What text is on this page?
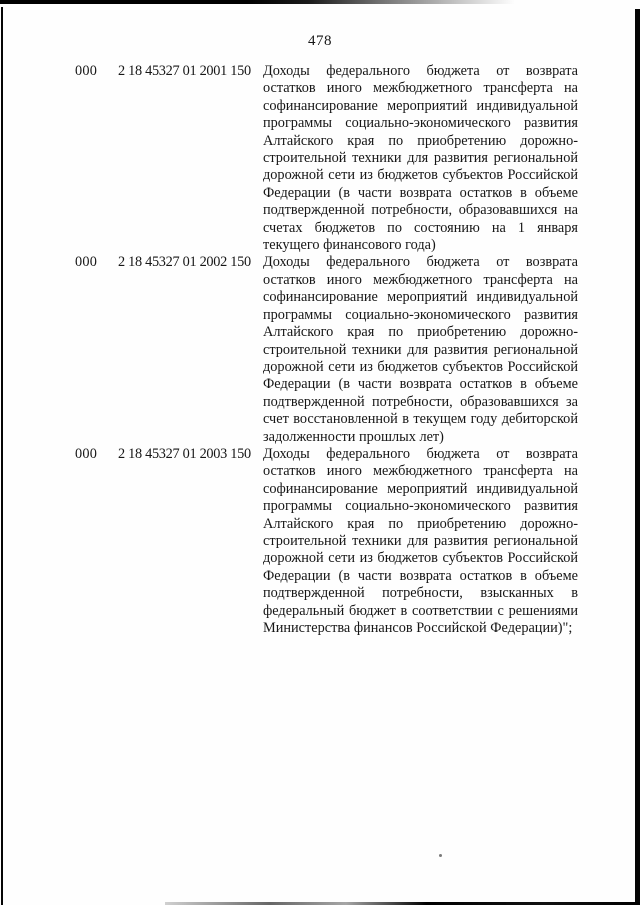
478
000	2 18 45327 01 2001 150 Доходы федерального бюджета от возврата остатков иного межбюджетного трансферта на софинансирование мероприятий индивидуальной программы социально-экономического развития Алтайского края по приобретению дорожно-строительной техники для развития региональной дорожной сети из бюджетов субъектов Российской Федерации (в части возврата остатков в объеме подтвержденной потребности, образовавшихся на счетах бюджетов по состоянию на 1 января текущего финансового года)
000	2 18 45327 01 2002 150 Доходы федерального бюджета от возврата остатков иного межбюджетного трансферта на софинансирование мероприятий индивидуальной программы социально-экономического развития Алтайского края по приобретению дорожно-строительной техники для развития региональной дорожной сети из бюджетов субъектов Российской Федерации (в части возврата остатков в объеме подтвержденной потребности, образовавшихся за счет восстановленной в текущем году дебиторской задолженности прошлых лет)
000	2 18 45327 01 2003 150 Доходы федерального бюджета от возврата остатков иного межбюджетного трансферта на софинансирование мероприятий индивидуальной программы социально-экономического развития Алтайского края по приобретению дорожно-строительной техники для развития региональной дорожной сети из бюджетов субъектов Российской Федерации (в части возврата остатков в объеме подтвержденной потребности, взысканных в федеральный бюджет в соответствии с решениями Министерства финансов Российской Федерации)";
